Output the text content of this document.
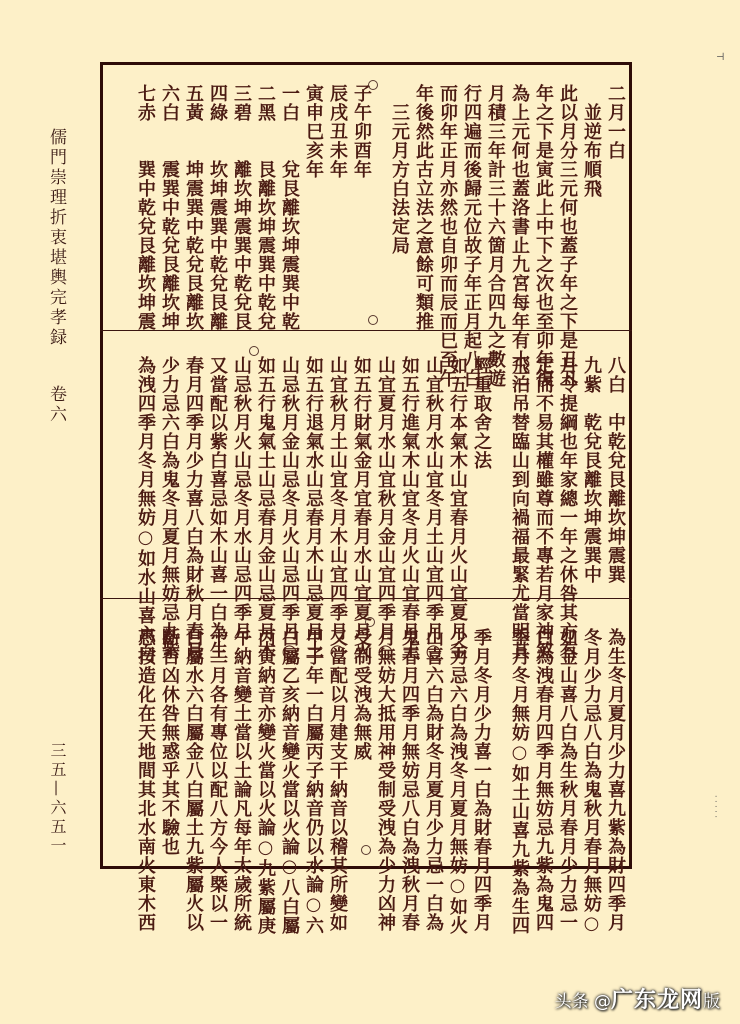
儒門崇理折衷堪輿完孝録  卷六
三五—六五一
⊣
· · · · ·
二月一白
　並逆布順飛
此以月分三元何也蓋子年之下是丑丑
年之下是寅此上中下之次也至卯年復
為上元何也蓋洛書止九宮每年有十二
月積三年計三十六箇月合四九之數遊
行四遍而後歸元位故子年正月起八白
而卯年正月亦然也自卯而辰而巳至午
年後然此古立法之意餘可類推
　三元月方白法定局
子午卯酉年
辰戌丑未年
寅申巳亥年
一白兌艮離坎坤震巽中乾
二黑艮離坎坤震巽中乾兌
三碧離坎坤震巽中乾兌艮
四綠坎坤震巽中乾兌艮離
五黃坤震巽中乾兌艮離坎
六白震巽中乾兌艮離坎坤
七赤巽中乾兌艮離坎坤震
八白　中乾兌艮離坎坤震巽
九紫　乾兌艮離坎坤震巽中
月令提綱也年家總一年之休咎其方有
定而不易其權雖尊而不專若月家神煞
飛泊吊替臨山到向禍福最緊尤當明其
輕重取舍之法
如五行本氣木山宜春月火山宜夏月金
山宜秋月水山宜冬月土山宜四季月○
如五行進氣木山宜冬月火山宜春月土
山宜夏月水山宜秋月金山宜四季月○
如五行財氣金月宜春月水山宜夏月火
山宜秋月土山宜冬月木山宜四季月○
如五行退氣水山忌春月木山忌夏月土
山忌秋月金山忌冬月火山忌四季月○
如五行鬼氣土山忌春月金山忌夏月木
山忌秋月火山忌冬月水山忌四季月
又當配以紫白喜忌如木山喜一白為生
春月四季月少力喜八白為財秋月春月
少力忌六白為鬼冬月夏月無妨忌九紫
為洩四季月冬月無妨○如水山喜六白
為生冬月夏月少力喜九紫為財四季月
冬月少力忌八白為鬼秋月春月無妨○
如金山喜八白為生秋月春月少力忌一
白為洩春月四季月無妨忌九紫為鬼四
季月冬月無妨○如土山喜九紫為生四
季月冬月少力喜一白為財春月四季月
少力忌六白為洩冬月夏月無妨○如火
山喜六白為財冬月夏月少力忌一白為
鬼春月四季月無妨忌八白為洩秋月春
月無妨大抵用神受制受洩為少力凶神
受制受洩為無威
又當配以月建支干納音以稽其所變如
甲子年一白屬丙子納音仍以水論○六
白屬乙亥納音變火當以火論○八白屬
丙寅納音亦變火當以火論○九紫屬庚
午納音變土當以土論凡每年太歲所統
十二月各有專位以配八方今人槩以一
白屬水六白屬金八白屬土九紫屬火以
斷吉凶休咎無惑乎其不驗也
愚按造化在天地間其北水南火東木西
头条 @广东龙网版
